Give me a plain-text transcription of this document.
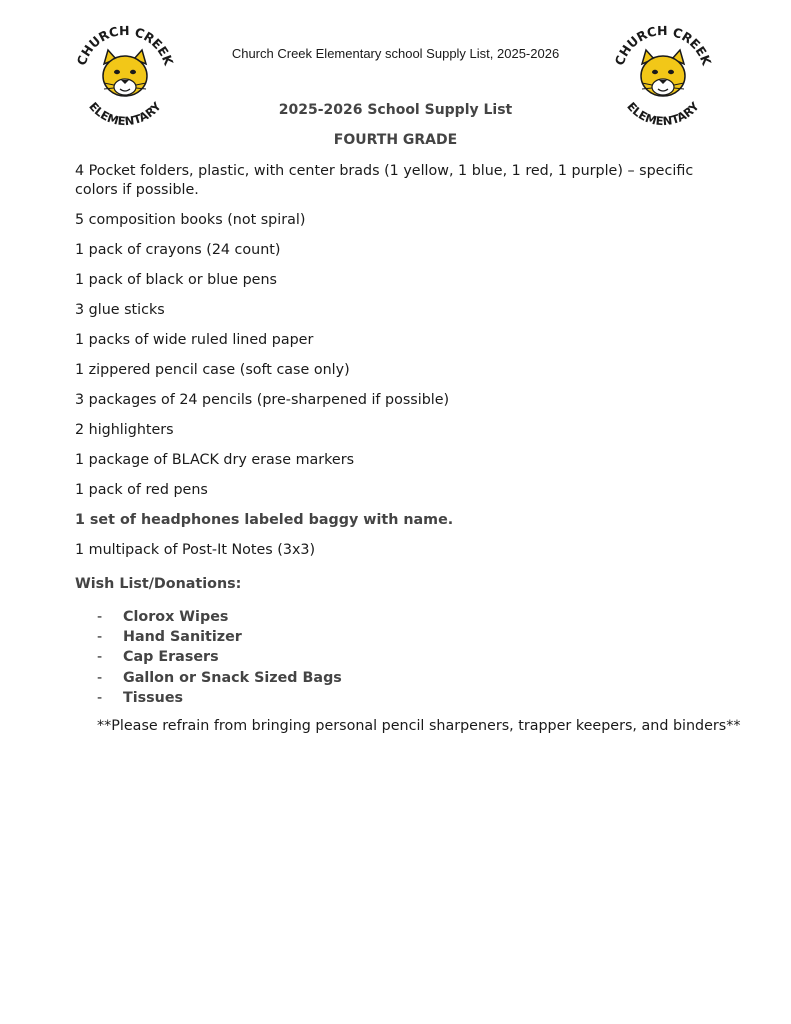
CHURCH CREEK
ELEMENTARY
CHURCH CREEK
ELEMENTARY
Church Creek Elementary school Supply List, 2025-2026
2025-2026 School Supply List
FOURTH GRADE
4 Pocket folders, plastic, with center brads (1 yellow, 1 blue, 1 red, 1 purple) – specific colors if possible.
5 composition books (not spiral)
1 pack of crayons (24 count)
1 pack of black or blue pens
3 glue sticks
1 packs of wide ruled lined paper
1 zippered pencil case (soft case only)
3 packages of 24 pencils (pre-sharpened if possible)
2 highlighters
1 package of BLACK dry erase markers
1 pack of red pens
1 set of headphones labeled baggy with name.
1 multipack of Post-It Notes (3x3)
Wish List/Donations:
-	Clorox Wipes
-	Hand Sanitizer
-	Cap Erasers
-	Gallon or Snack Sized Bags
-	Tissues
**Please refrain from bringing personal pencil sharpeners, trapper keepers, and binders**
